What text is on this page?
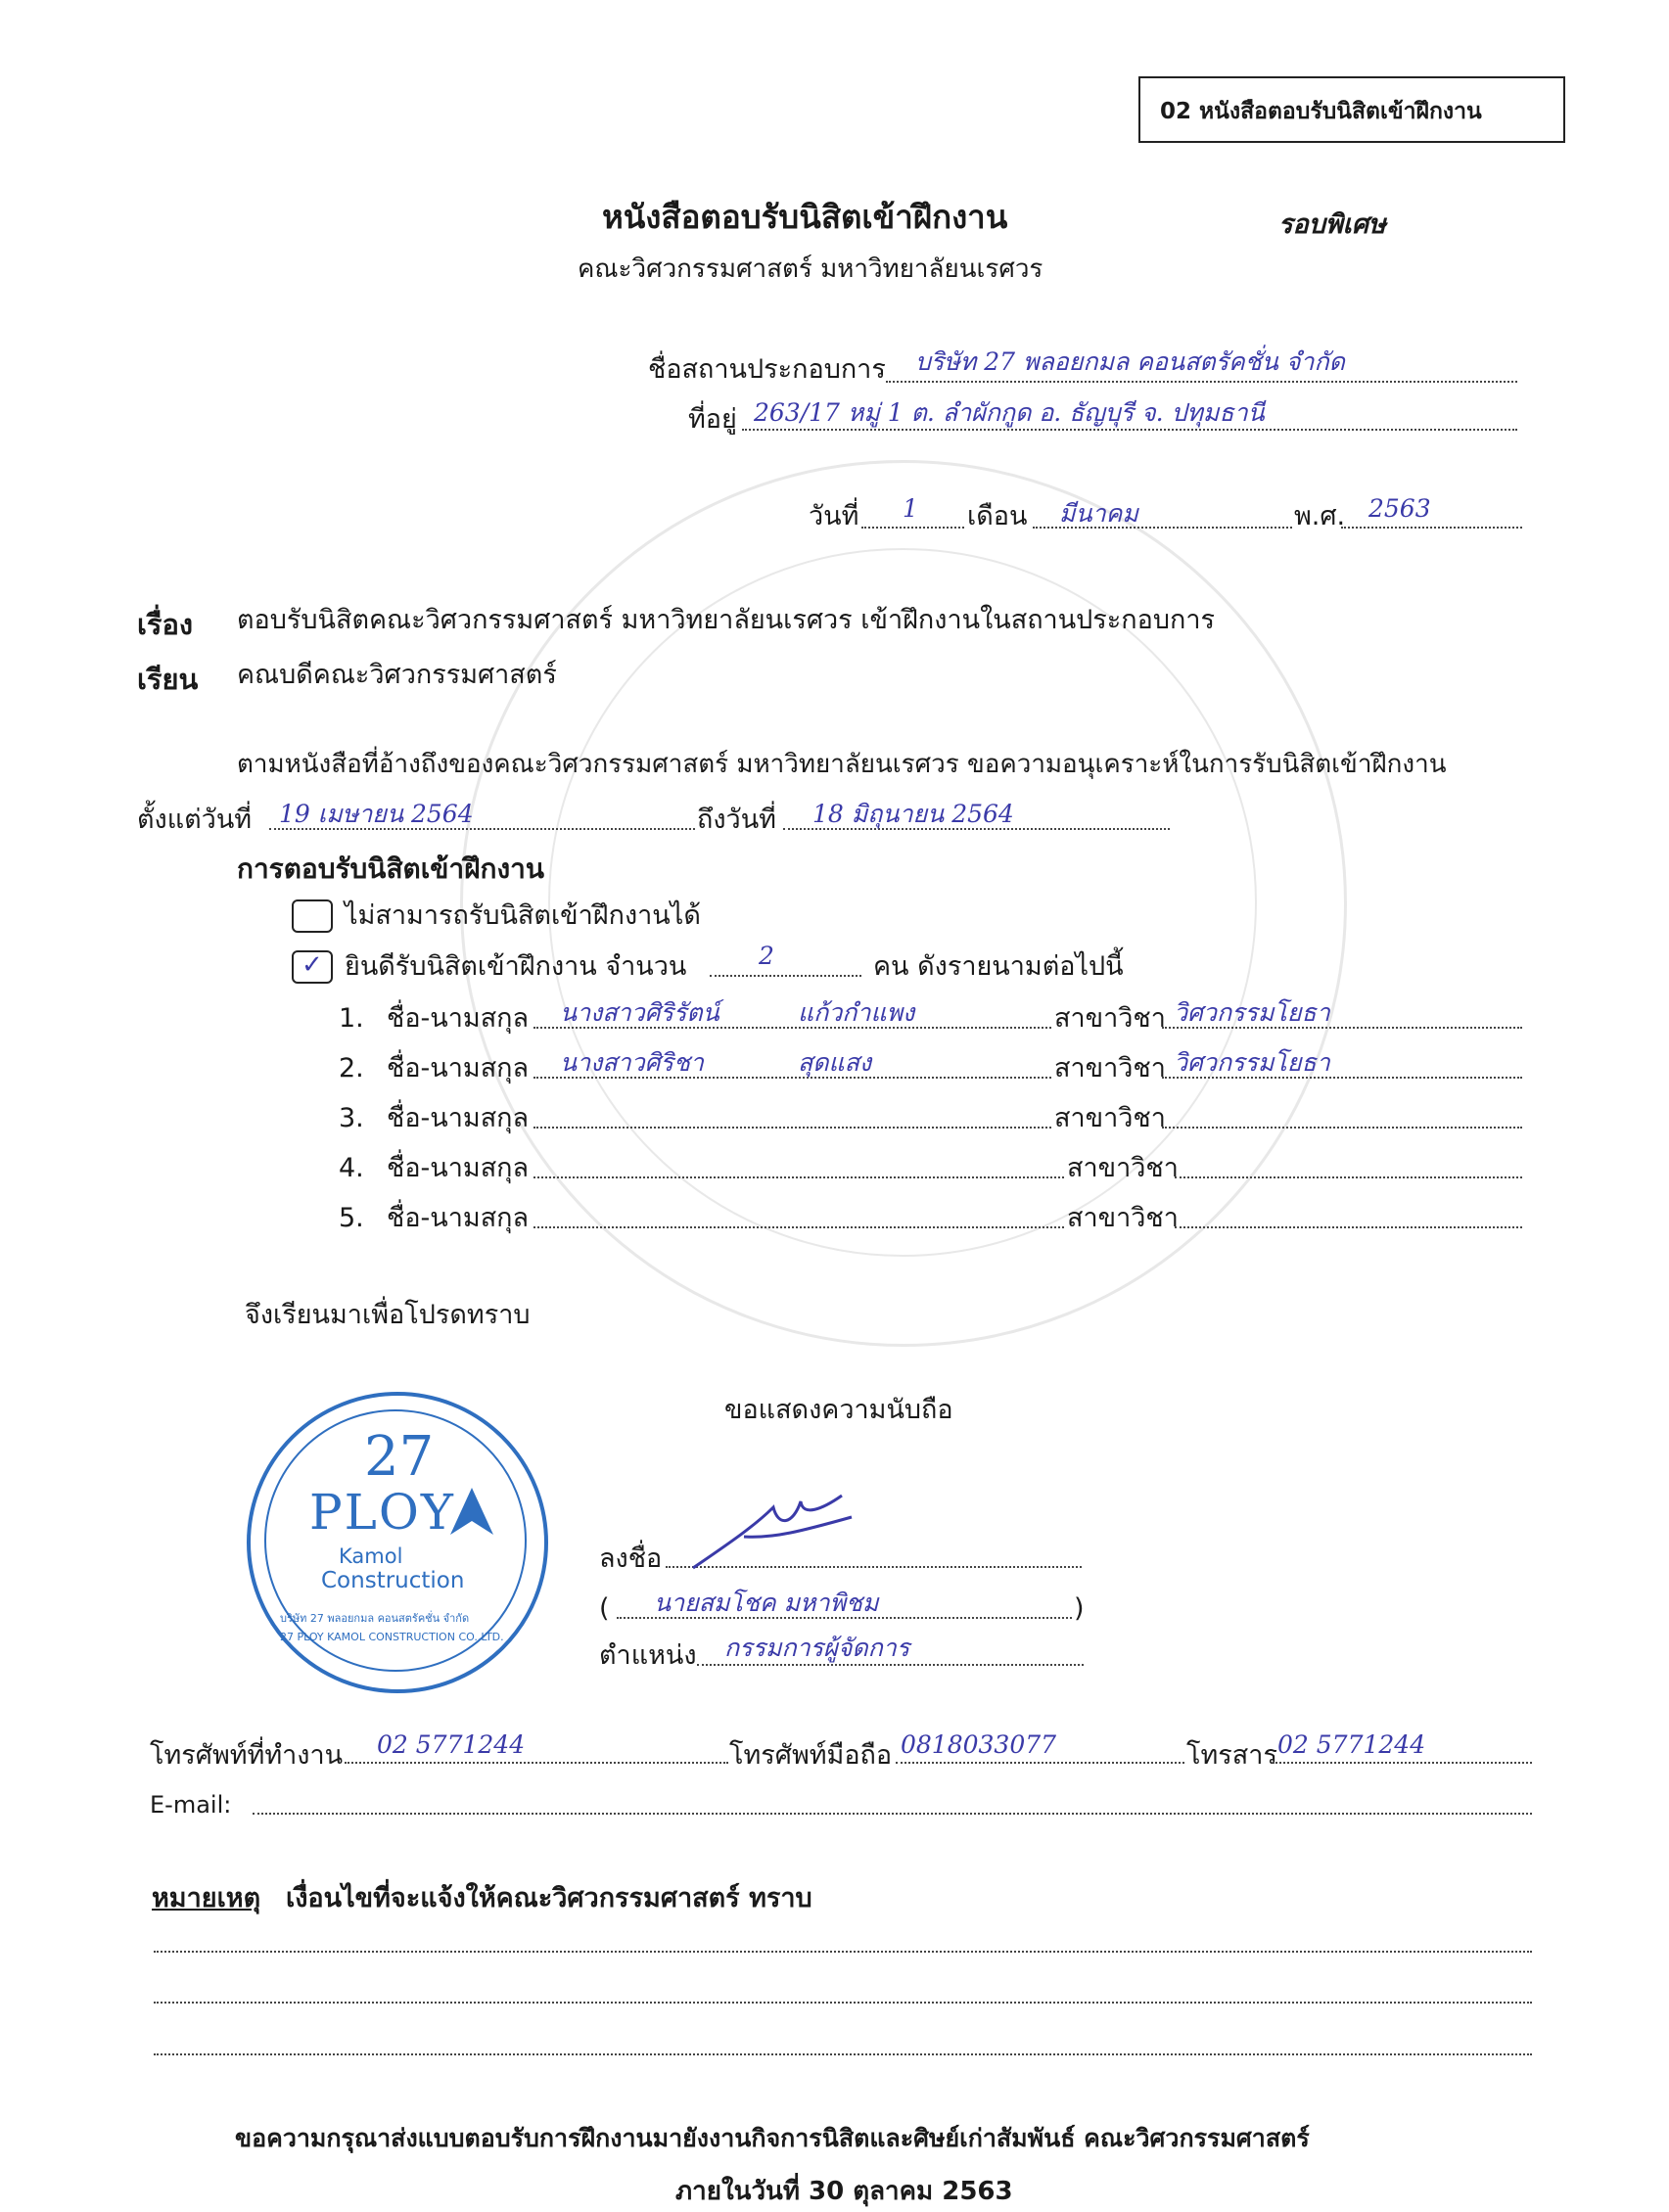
02 หนังสือตอบรับนิสิตเข้าฝึกงาน
หนังสือตอบรับนิสิตเข้าฝึกงาน	รอบพิเศษ
คณะวิศวกรรมศาสตร์ มหาวิทยาลัยนเรศวร
ชื่อสถานประกอบการ บริษัท 27 พลอยกมล คอนสตรัคชั่น จำกัด
ที่อยู่ 263/17 หมู่ 1 ต. ลำผักกูด อ. ธัญบุรี จ. ปทุมธานี
วันที่ 1 เดือน มีนาคม	พ.ศ. 2563
เรื่อง ตอบรับนิสิตคณะวิศวกรรมศาสตร์ มหาวิทยาลัยนเรศวร เข้าฝึกงานในสถานประกอบการ
เรียน คณบดีคณะวิศวกรรมศาสตร์
ตามหนังสือที่อ้างถึงของคณะวิศวกรรมศาสตร์ มหาวิทยาลัยนเรศวร ขอความอนุเคราะห์ในการรับนิสิตเข้าฝึกงาน
ตั้งแต่วันที่ 19 เมษายน 2564	ถึงวันที่ 18 มิถุนายน 2564
การตอบรับนิสิตเข้าฝึกงาน
ไม่สามารถรับนิสิตเข้าฝึกงานได้
✓ ยินดีรับนิสิตเข้าฝึกงาน จำนวน	2	คน ดังรายนามต่อไปนี้
1. ชื่อ-นามสกุล นางสาวศิริรัตน์	แก้วกำแพง	สาขาวิชา วิศวกรรมโยธา
2. ชื่อ-นามสกุล นางสาวศิริชา	สุดแสง	สาขาวิชา วิศวกรรมโยธา
3. ชื่อ-นามสกุล	สาขาวิชา
4. ชื่อ-นามสกุล	สาขาวิชา
5. ชื่อ-นามสกุล	สาขาวิชา
จึงเรียนมาเพื่อโปรดทราบ
ขอแสดงความนับถือ
27
PLOY
Kamol
Construction
บริษัท 27 พลอยกมล คอนสตรัคชั่น จำกัด
27 PLOY KAMOL CONSTRUCTION CO.,LTD.
ลงชื่อ
( นายสมโชค มหาพิชม	)
ตำแหน่ง กรรมการผู้จัดการ
โทรศัพท์ที่ทำงาน 02 5771244	โทรศัพท์มือถือ 0818033077	โทรสาร 02 5771244
E-mail:
หมายเหตุ เงื่อนไขที่จะแจ้งให้คณะวิศวกรรมศาสตร์ ทราบ
ขอความกรุณาส่งแบบตอบรับการฝึกงานมายังงานกิจการนิสิตและศิษย์เก่าสัมพันธ์ คณะวิศวกรรมศาสตร์
ภายในวันที่ 30 ตุลาคม 2563
